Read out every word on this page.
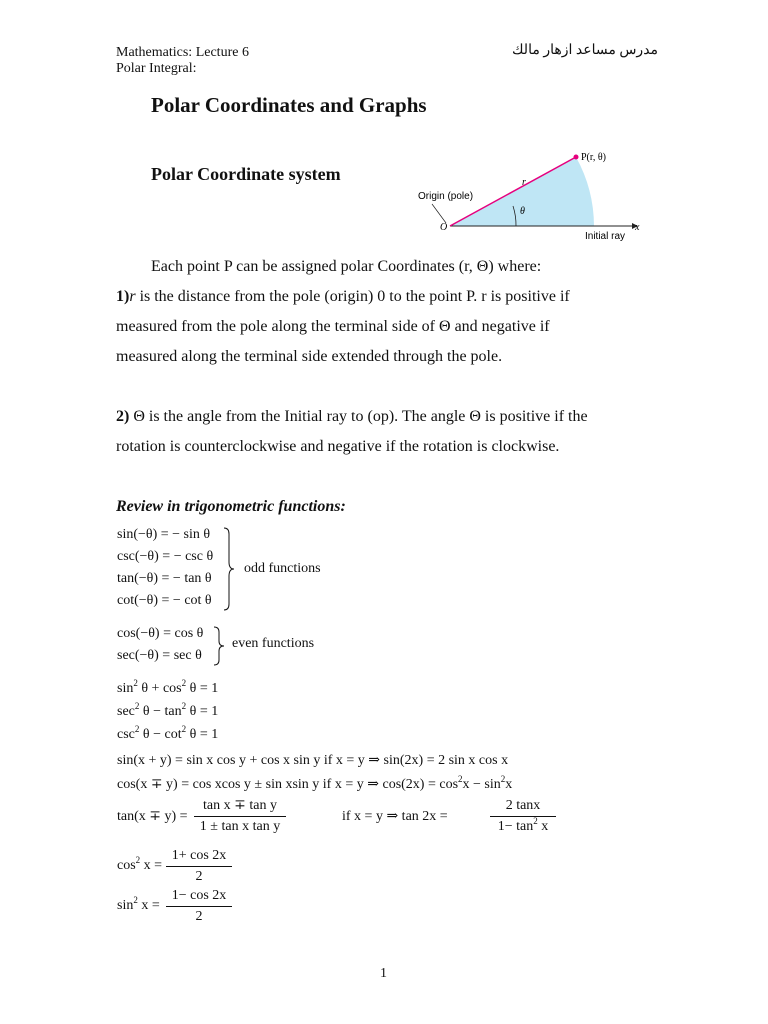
Mathematics: Lecture 6
Polar Integral:
مدرس مساعد ازهار مالك
Polar Coordinates and Graphs
Polar Coordinate system
P(r, θ)
r
Origin (pole)
θ
O	x
Initial ray
Each point P can be assigned polar Coordinates (r, Θ) where:
1)r is the distance from the pole (origin) 0 to the point P. r is positive if
measured from the pole along the terminal side of Θ and negative if
measured along the terminal side extended through the pole.
2) Θ is the angle from the Initial ray to (op). The angle Θ is positive if the
rotation is counterclockwise and negative if the rotation is clockwise.
Review in trigonometric functions:
sin(−θ) = − sin θ
csc(−θ) = − csc θ
tan(−θ) = − tan θ
cot(−θ) = − cot θ
odd functions
cos(−θ) = cos θ
sec(−θ) = sec θ
even functions
$\sin^2 \theta + \cos^2 \theta = 1$
$\sec^2 \theta - \tan^2 \theta = 1$
$\csc^2 \theta - \cot^2 \theta = 1$
sin(x + y) = sin x cos y + cos x sin y if x = y ⇒ sin(2x) = 2 sin x cos x
cos(x ∓ y) = cos xcos y ± sin xsin y if x = y ⇒ $\cos(2x) = \cos^2x - \sin^2x$
tan(x ∓ y) =
tan x ∓ tan y
1 ± tan x tan y
if x = y ⇒ tan 2x =
2 tanx
$1- \tan^2 x$
$\cos^2 x$ =
1+ cos 2x
2
$\sin^2 x$ =
1− cos 2x
2
1
